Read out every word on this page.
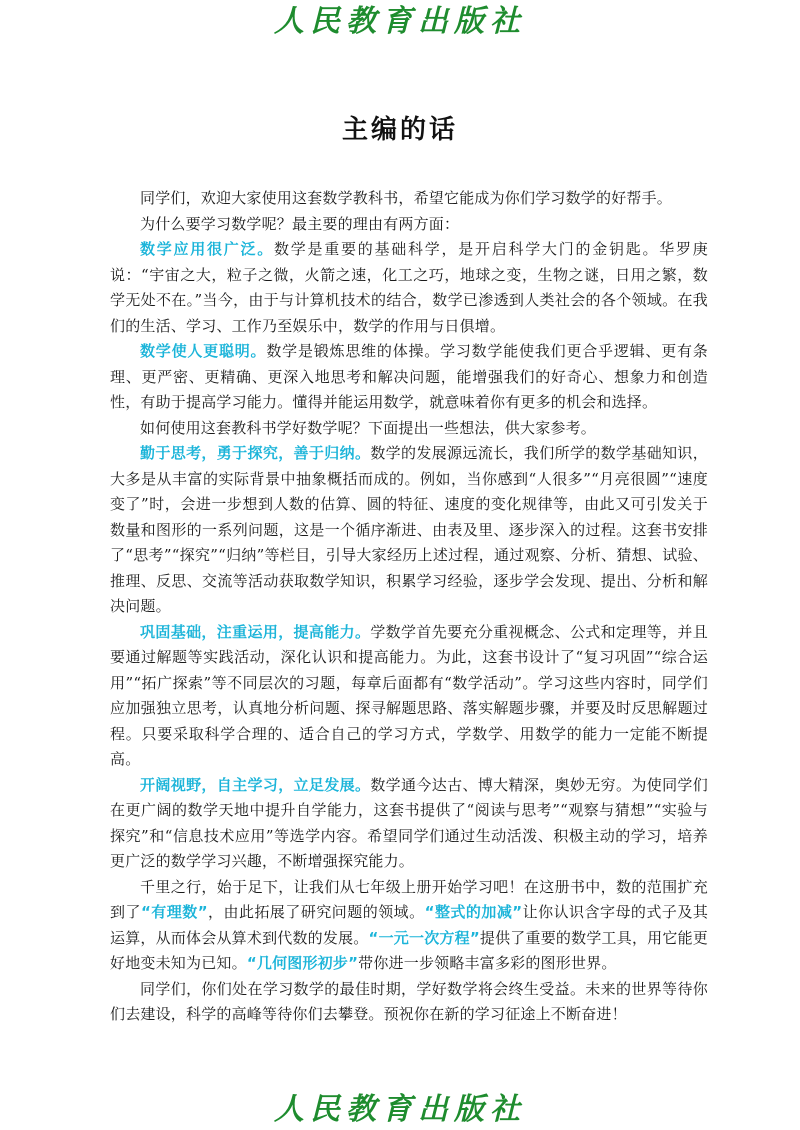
人民教育出版社
主编的话

同学们，欢迎大家使用这套数学教科书，希望它能成为你们学习数学的好帮手。

为什么要学习数学呢？最主要的理由有两方面：

数学应用很广泛。数学是重要的基础科学，是开启科学大门的金钥匙。华罗庚说：“宇宙之大，粒子之微，火箭之速，化工之巧，地球之变，生物之谜，日用之繁，数学无处不在。”当今，由于与计算机技术的结合，数学已渗透到人类社会的各个领域。在我们的生活、学习、工作乃至娱乐中，数学的作用与日俱增。

数学使人更聪明。数学是锻炼思维的体操。学习数学能使我们更合乎逻辑、更有条理、更严密、更精确、更深入地思考和解决问题，能增强我们的好奇心、想象力和创造性，有助于提高学习能力。懂得并能运用数学，就意味着你有更多的机会和选择。

如何使用这套教科书学好数学呢？下面提出一些想法，供大家参考。

勤于思考，勇于探究，善于归纳。数学的发展源远流长，我们所学的数学基础知识，大多是从丰富的实际背景中抽象概括而成的。例如，当你感到“人很多”“月亮很圆”“速度变了”时，会进一步想到人数的估算、圆的特征、速度的变化规律等，由此又可引发关于数量和图形的一系列问题，这是一个循序渐进、由表及里、逐步深入的过程。这套书安排了“思考”“探究”“归纳”等栏目，引导大家经历上述过程，通过观察、分析、猜想、试验、推理、反思、交流等活动获取数学知识，积累学习经验，逐步学会发现、提出、分析和解决问题。

巩固基础，注重运用，提高能力。学数学首先要充分重视概念、公式和定理等，并且要通过解题等实践活动，深化认识和提高能力。为此，这套书设计了“复习巩固”“综合运用”“拓广探索”等不同层次的习题，每章后面都有“数学活动”。学习这些内容时，同学们应加强独立思考，认真地分析问题、探寻解题思路、落实解题步骤，并要及时反思解题过程。只要采取科学合理的、适合自己的学习方式，学数学、用数学的能力一定能不断提高。

开阔视野，自主学习，立足发展。数学通今达古、博大精深，奥妙无穷。为使同学们在更广阔的数学天地中提升自学能力，这套书提供了“阅读与思考”“观察与猜想”“实验与探究”和“信息技术应用”等选学内容。希望同学们通过生动活泼、积极主动的学习，培养更广泛的数学学习兴趣，不断增强探究能力。

千里之行，始于足下，让我们从七年级上册开始学习吧！在这册书中，数的范围扩充到了“有理数”，由此拓展了研究问题的领域。“整式的加减”让你认识含字母的式子及其运算，从而体会从算术到代数的发展。“一元一次方程”提供了重要的数学工具，用它能更好地变未知为已知。“几何图形初步”带你进一步领略丰富多彩的图形世界。

同学们，你们处在学习数学的最佳时期，学好数学将会终生受益。未来的世界等待你们去建设，科学的高峰等待你们去攀登。预祝你在新的学习征途上不断奋进！

人民教育出版社
